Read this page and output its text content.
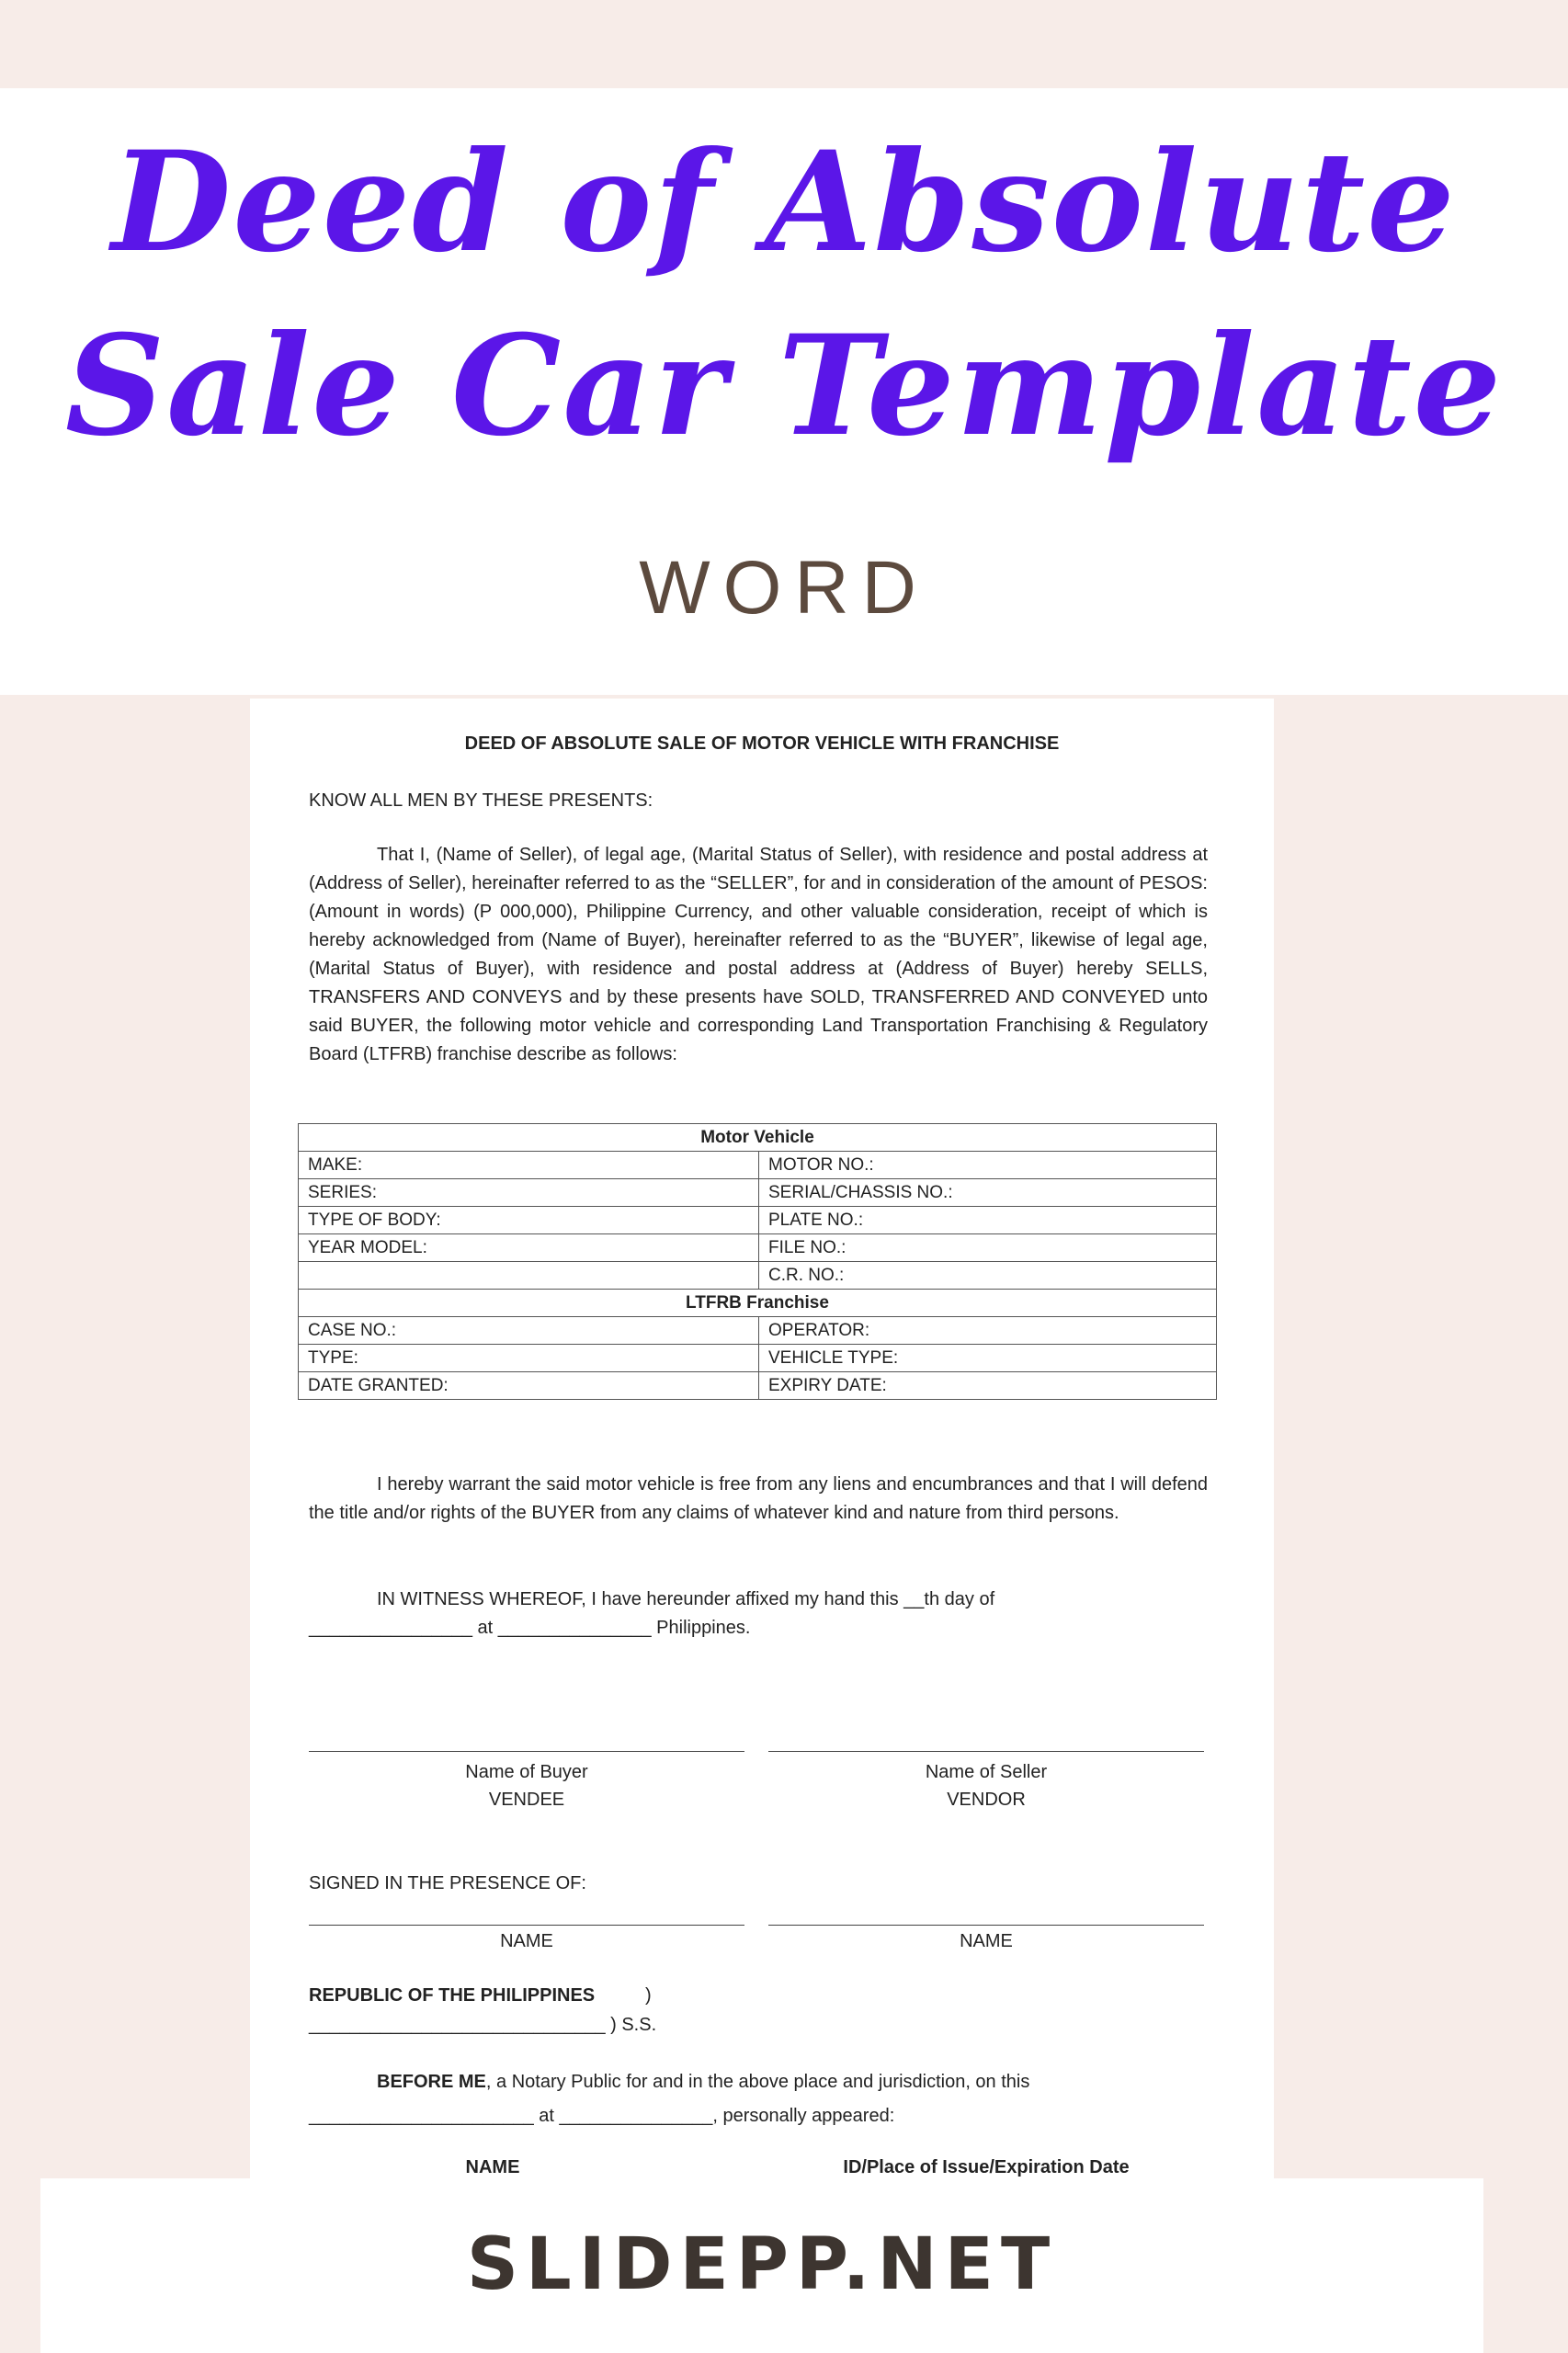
Deed of Absolute
Sale Car Template
WORD
DEED OF ABSOLUTE SALE OF MOTOR VEHICLE WITH FRANCHISE
KNOW ALL MEN BY THESE PRESENTS:
That I, (Name of Seller), of legal age, (Marital Status of Seller), with residence and postal address at (Address of Seller), hereinafter referred to as the “SELLER”, for and in consideration of the amount of PESOS: (Amount in words) (P 000,000), Philippine Currency, and other valuable consideration, receipt of which is hereby acknowledged from (Name of Buyer), hereinafter referred to as the “BUYER”, likewise of legal age, (Marital Status of Buyer), with residence and postal address at (Address of Buyer) hereby SELLS, TRANSFERS AND CONVEYS and by these presents have SOLD, TRANSFERRED AND CONVEYED unto said BUYER, the following motor vehicle and corresponding Land Transportation Franchising & Regulatory Board (LTFRB) franchise describe as follows:
Motor Vehicle	
MAKE:	MOTOR NO.:
SERIES:	SERIAL/CHASSIS NO.:
TYPE OF BODY:	PLATE NO.:
YEAR MODEL:	FILE NO.:
	C.R. NO.:
LTFRB Franchise	
CASE NO.:	OPERATOR:
TYPE:	VEHICLE TYPE:
DATE GRANTED:	EXPIRY DATE:
I hereby warrant the said motor vehicle is free from any liens and encumbrances and that I will defend the title and/or rights of the BUYER from any claims of whatever kind and nature from third persons.
IN WITNESS WHEREOF, I have hereunder affixed my hand this __th day of
________________ at _______________ Philippines.
Name of Buyer
VENDEE
Name of Seller
VENDOR
SIGNED IN THE PRESENCE OF:
NAME	NAME
REPUBLIC OF THE PHILIPPINES	)
_____________________________ ) S.S.
BEFORE ME, a Notary Public for and in the above place and jurisdiction, on this
______________________ at _______________, personally appeared:
NAME	ID/Place of Issue/Expiration Date
SLIDEPP.NET
